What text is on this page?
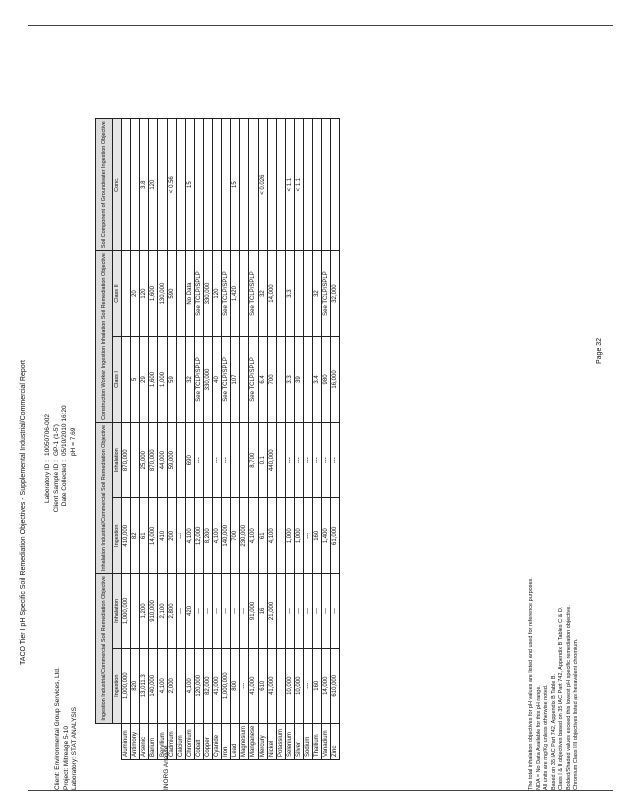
Page 32
TACO Tier I pH Specific Soil Remediation Objectives - Supplemental Industrial/Commercial Report
Client: Environmental Group Services, Ltd. Project: Mitreage 5-10 Laboratory: STAT ANALYSIS
Laboratory ID :
10050706-002
Client Sample ID :
GP-1 (1-5')
Date Collected :
05/10/2010 16:20 pH = 7.69
INORG Analyte
	Ingestion Industrial/Commercial Soil Remediation Objective		Inhalation Industrial/Commercial Soil Remediation Objective		Construction Worker Ingestion Inhalation Soil Remediation Objective		Soil Component of Groundwater Ingestion Objective
	Ingestion	Inhalation	Ingestion	Inhalation	Class I	Class II	Conc.
Aluminum	1,000,000	1,000,000	410,000	870,000			
Antimony	820		82		5	20	
Arsenic	13,011.3	1,200	61	25,000	29	120	3.8
Barium	140,000	910,000	14,000	870,000	1,600	1,600	120
Beryllium	4,100	2,100	410	44,000	1,000	130,000	
Cadmium	2,000	2,800	200	59,000	59	590	< 0.56
Calcium		---	---				
Chromium	4,100	420	4,100	690	32	No Data	15
Cobalt	120,000	---	12,000	---	See TCLP/SPLP	See TCLP/SPLP	
Copper	82,000	---	8,200		330,000	330,000	
Cyanide	41,000	---	4,100	---	40	120	
Iron	1,000,000	---	140,000	---	See TCLP/SPLP	See TCLP/SPLP	
Lead	800	---	700		107	1,420	15
Magnesium	---	---	230,000				
Manganese	41,000	91,000	4,100	8,700	See TCLP/SPLP	See TCLP/SPLP	
Mercury	610	16	61	0.1	6.4	32	< 0.026
Nickel	41,000	21,000	4,100	440,000	700	14,000	
Potassium							
Selenium	10,000	---	1,000	---	3.3	3.3	< 1.1
Silver	10,000	---	1,000	---	39		< 1.1
Sodium	---	---	---	---			
Thallium	160	---	160	---	3.4	32	
Vanadium	14,000	---	1,400	---	980	See TCLP/SPLP	
Zinc	610,000	---	61,000	---	16,000	32,000	
The total inhalation objectives for pH values are listed and used for reference purposes. NDA = No Data Available for this pH range. All units are mg/Kg unless otherwise noted. Based on 35 IAC Part 742, Appendix B Table B. Class I & II objectives based on 35 IAC Part 742, Appendix B Tables C & D. Bolded/Shaded values exceed this lowest pH specific remediation objective. Chromium Class I/II objectives listed as hexavalent chromium.
